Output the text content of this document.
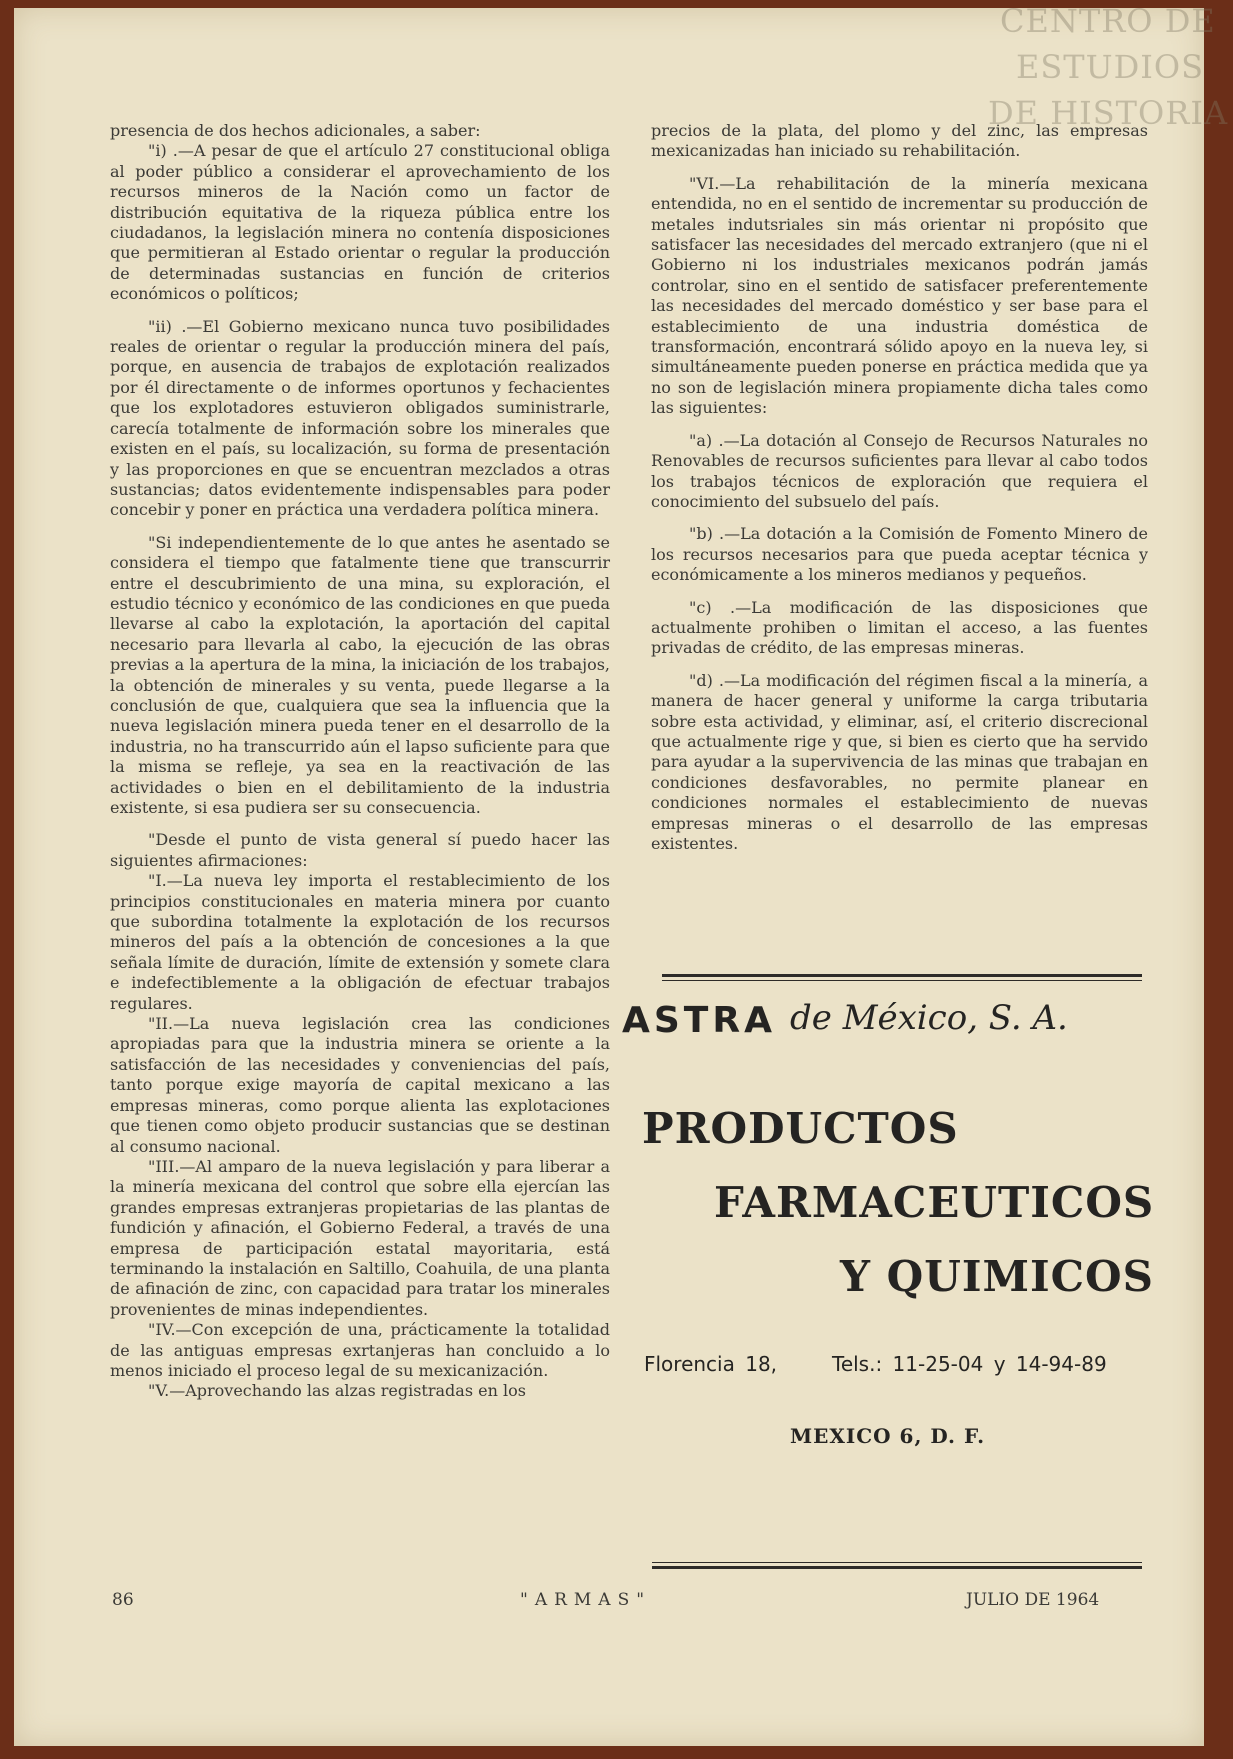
CENTRO DE
ESTUDIOS
DE HISTORIA

presencia de dos hechos adicionales, a saber:

"i) .—A pesar de que el artículo 27 constitucional obliga al poder público a considerar el aprovechamiento de los recursos mineros de la Nación como un factor de distribución equitativa de la riqueza pública entre los ciudadanos, la legislación minera no contenía disposiciones que permitieran al Estado orientar o regular la producción de determinadas sustancias en función de criterios económicos o políticos;

"ii) .—El Gobierno mexicano nunca tuvo posibilidades reales de orientar o regular la producción minera del país, porque, en ausencia de trabajos de explotación realizados por él directamente o de informes oportunos y fechacientes que los explotadores estuvieron obligados suministrarle, carecía totalmente de información sobre los minerales que existen en el país, su localización, su forma de presentación y las proporciones en que se encuentran mezclados a otras sustancias; datos evidentemente indispensables para poder concebir y poner en práctica una verdadera política minera.

"Si independientemente de lo que antes he asentado se considera el tiempo que fatalmente tiene que transcurrir entre el descubrimiento de una mina, su exploración, el estudio técnico y económico de las condiciones en que pueda llevarse al cabo la explotación, la aportación del capital necesario para llevarla al cabo, la ejecución de las obras previas a la apertura de la mina, la iniciación de los trabajos, la obtención de minerales y su venta, puede llegarse a la conclusión de que, cualquiera que sea la influencia que la nueva legislación minera pueda tener en el desarrollo de la industria, no ha transcurrido aún el lapso suficiente para que la misma se refleje, ya sea en la reactivación de las actividades o bien en el debilitamiento de la industria existente, si esa pudiera ser su consecuencia.

"Desde el punto de vista general sí puedo hacer las siguientes afirmaciones:

"I.—La nueva ley importa el restablecimiento de los principios constitucionales en materia minera por cuanto que subordina totalmente la explotación de los recursos mineros del país a la obtención de concesiones a la que señala límite de duración, límite de extensión y somete clara e indefectiblemente a la obligación de efectuar trabajos regulares.

"II.—La nueva legislación crea las condiciones apropiadas para que la industria minera se oriente a la satisfacción de las necesidades y conveniencias del país, tanto porque exige mayoría de capital mexicano a las empresas mineras, como porque alienta las explotaciones que tienen como objeto producir sustancias que se destinan al consumo nacional.

"III.—Al amparo de la nueva legislación y para liberar a la minería mexicana del control que sobre ella ejercían las grandes empresas extranjeras propietarias de las plantas de fundición y afinación, el Gobierno Federal, a través de una empresa de participación estatal mayoritaria, está terminando la instalación en Saltillo, Coahuila, de una planta de afinación de zinc, con capacidad para tratar los minerales provenientes de minas independientes.

"IV.—Con excepción de una, prácticamente la totalidad de las antiguas empresas exrtanjeras han concluido a lo menos iniciado el proceso legal de su mexicanización.

"V.—Aprovechando las alzas registradas en los

precios de la plata, del plomo y del zinc, las empresas mexicanizadas han iniciado su rehabilitación.

"VI.—La rehabilitación de la minería mexicana entendida, no en el sentido de incrementar su producción de metales indutsriales sin más orientar ni propósito que satisfacer las necesidades del mercado extranjero (que ni el Gobierno ni los industriales mexicanos podrán jamás controlar, sino en el sentido de satisfacer preferentemente las necesidades del mercado doméstico y ser base para el establecimiento de una industria doméstica de transformación, encontrará sólido apoyo en la nueva ley, si simultáneamente pueden ponerse en práctica medida que ya no son de legislación minera propiamente dicha tales como las siguientes:

"a) .—La dotación al Consejo de Recursos Naturales no Renovables de recursos suficientes para llevar al cabo todos los trabajos técnicos de exploración que requiera el conocimiento del subsuelo del país.

"b) .—La dotación a la Comisión de Fomento Minero de los recursos necesarios para que pueda aceptar técnica y económicamente a los mineros medianos y pequeños.

"c) .—La modificación de las disposiciones que actualmente prohiben o limitan el acceso, a las fuentes privadas de crédito, de las empresas mineras.

"d) .—La modificación del régimen fiscal a la minería, a manera de hacer general y uniforme la carga tributaria sobre esta actividad, y eliminar, así, el criterio discrecional que actualmente rige y que, si bien es cierto que ha servido para ayudar a la supervivencia de las minas que trabajan en condiciones desfavorables, no permite planear en condiciones normales el establecimiento de nuevas empresas mineras o el desarrollo de las empresas existentes.

ASTRA de México, S. A.
PRODUCTOS
FARMACEUTICOS
Y QUIMICOS
Florencia 18,	Tels.: 11-25-04 y 14-94-89
MEXICO 6, D. F.
86	"ARMAS"	JULIO DE 1964
